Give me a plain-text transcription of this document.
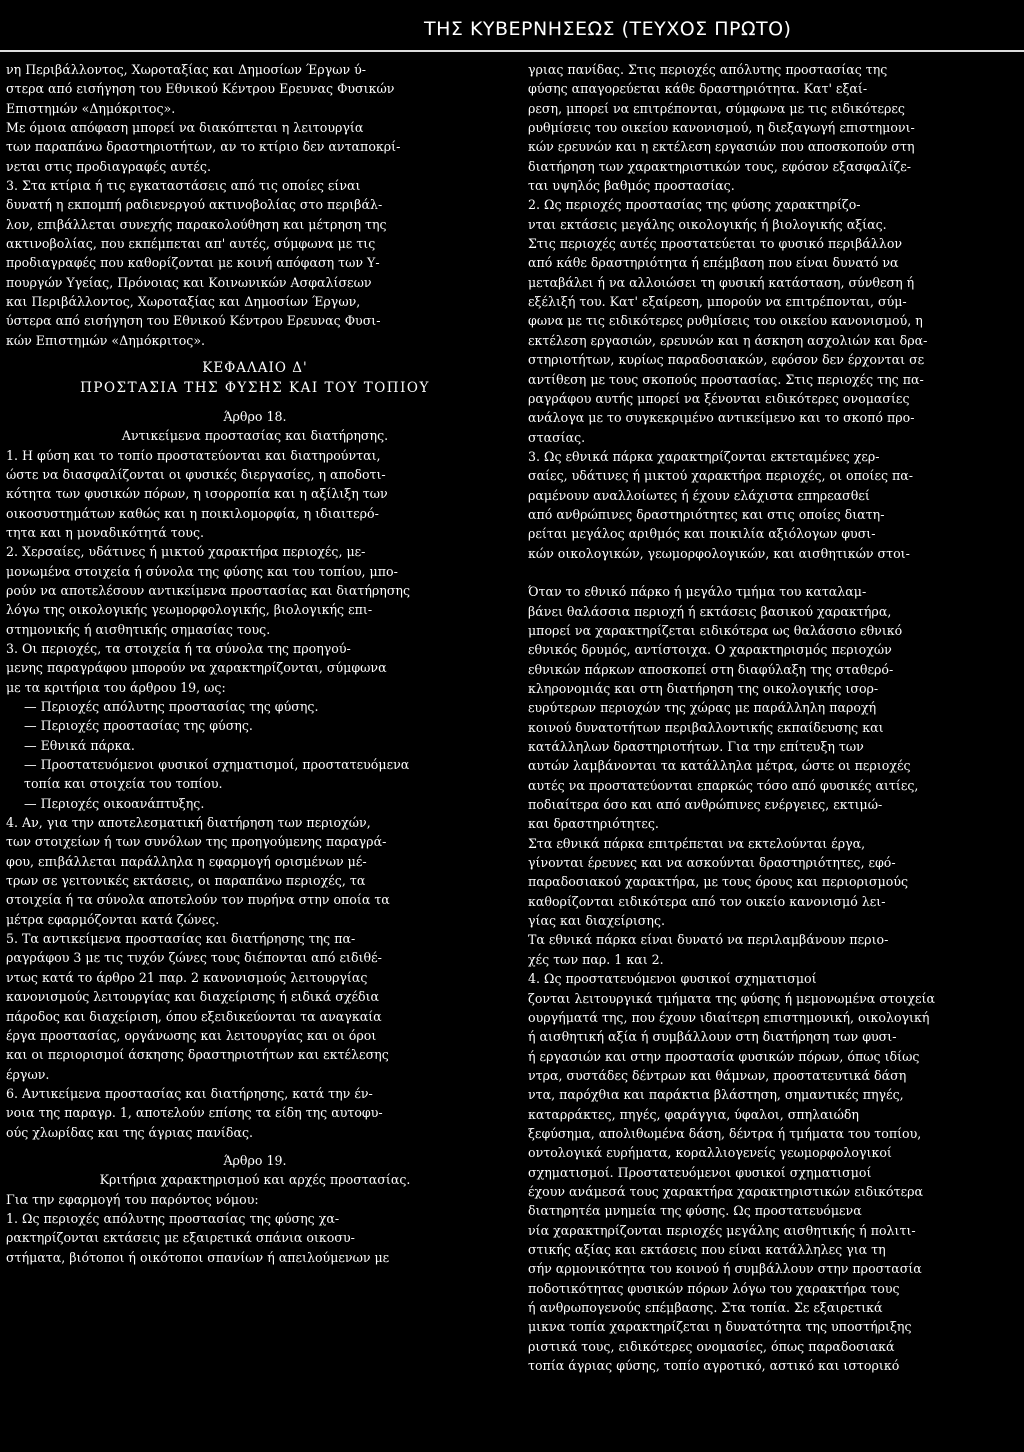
ΤΗΣ ΚΥΒΕΡΝΗΣΕΩΣ (ΤΕΥΧΟΣ ΠΡΩΤΟ)

νη Περιβάλλοντος, Χωροταξίας και Δημοσίων Έργων ύ-

στερα από εισήγηση του Εθνικού Κέντρου Ερευνας Φυσικών

Επιστημών «Δημόκριτος».

Με όμοια απόφαση μπορεί να διακόπτεται η λειτουργία

των παραπάνω δραστηριοτήτων, αν το κτίριο δεν ανταποκρί-

νεται στις προδιαγραφές αυτές.

3. Στα κτίρια ή τις εγκαταστάσεις από τις οποίες είναι

δυνατή η εκπομπή ραδιενεργού ακτινοβολίας στο περιβάλ-

λον, επιβάλλεται συνεχής παρακολούθηση και μέτρηση της

ακτινοβολίας, που εκπέμπεται απ' αυτές, σύμφωνα με τις

προδιαγραφές που καθορίζονται με κοινή απόφαση των Υ-

πουργών Υγείας, Πρόνοιας και Κοινωνικών Ασφαλίσεων

και Περιβάλλοντος, Χωροταξίας και Δημοσίων Έργων,

ύστερα από εισήγηση του Εθνικού Κέντρου Ερευνας Φυσι-

κών Επιστημών «Δημόκριτος».

ΚΕΦΑΛΑΙΟ Δ'

ΠΡΟΣΤΑΣΙΑ ΤΗΣ ΦΥΣΗΣ ΚΑΙ ΤΟΥ ΤΟΠΙΟΥ

Άρθρο 18.

Αντικείμενα προστασίας και διατήρησης.

1. Η φύση και το τοπίο προστατεύονται και διατηρούνται,

ώστε να διασφαλίζονται οι φυσικές διεργασίες, η αποδοτι-

κότητα των φυσικών πόρων, η ισορροπία και η αξίλιξη των

οικοσυστημάτων καθώς και η ποικιλομορφία, η ιδιαιτερό-

τητα και η μοναδικότητά τους.

2. Χερσαίες, υδάτινες ή μικτού χαρακτήρα περιοχές, με-

μονωμένα στοιχεία ή σύνολα της φύσης και του τοπίου, μπο-

ρούν να αποτελέσουν αντικείμενα προστασίας και διατήρησης

λόγω της οικολογικής γεωμορφολογικής, βιολογικής επι-

στημονικής ή αισθητικής σημασίας τους.

3. Οι περιοχές, τα στοιχεία ή τα σύνολα της προηγού-

μενης παραγράφου μπορούν να χαρακτηρίζονται, σύμφωνα

με τα κριτήρια του άρθρου 19, ως:

— Περιοχές απόλυτης προστασίας της φύσης.

— Περιοχές προστασίας της φύσης.

— Εθνικά πάρκα.

— Προστατευόμενοι φυσικοί σχηματισμοί, προστατευόμενα

τοπία και στοιχεία του τοπίου.

— Περιοχές οικοανάπτυξης.

4. Αν, για την αποτελεσματική διατήρηση των περιοχών,

των στοιχείων ή των συνόλων της προηγούμενης παραγρά-

φου, επιβάλλεται παράλληλα η εφαρμογή ορισμένων μέ-

τρων σε γειτονικές εκτάσεις, οι παραπάνω περιοχές, τα

στοιχεία ή τα σύνολα αποτελούν τον πυρήνα στην οποία τα

μέτρα εφαρμόζονται κατά ζώνες.

5. Τα αντικείμενα προστασίας και διατήρησης της πα-

ραγράφου 3 με τις τυχόν ζώνες τους διέπονται από ειδιθέ-

ντως κατά το άρθρο 21 παρ. 2 κανονισμούς λειτουργίας

κανονισμούς λειτουργίας και διαχείρισης ή ειδικά σχέδια

πάροδος και διαχείριση, όπου εξειδικεύονται τα αναγκαία

έργα προστασίας, οργάνωσης και λειτουργίας και οι όροι

και οι περιορισμοί άσκησης δραστηριοτήτων και εκτέλεσης

έργων.

6. Αντικείμενα προστασίας και διατήρησης, κατά την έν-

νοια της παραγρ. 1, αποτελούν επίσης τα είδη της αυτοφυ-

ούς χλωρίδας και της άγριας πανίδας.

Άρθρο 19.

Κριτήρια χαρακτηρισμού και αρχές προστασίας.

Για την εφαρμογή του παρόντος νόμου:

1. Ως περιοχές απόλυτης προστασίας της φύσης χα-

ρακτηρίζονται εκτάσεις με εξαιρετικά σπάνια οικοσυ-

στήματα, βιότοποι ή οικότοποι σπανίων ή απειλούμενων με

γριας πανίδας. Στις περιοχές απόλυτης προστασίας της

φύσης απαγορεύεται κάθε δραστηριότητα. Κατ' εξαί-

ρεση, μπορεί να επιτρέπονται, σύμφωνα με τις ειδικότερες

ρυθμίσεις του οικείου κανονισμού, η διεξαγωγή επιστημονι-

κών ερευνών και η εκτέλεση εργασιών που αποσκοπούν στη

διατήρηση των χαρακτηριστικών τους, εφόσον εξασφαλίζε-

ται υψηλός βαθμός προστασίας.

2. Ως περιοχές προστασίας της φύσης χαρακτηρίζο-

νται εκτάσεις μεγάλης οικολογικής ή βιολογικής αξίας.

Στις περιοχές αυτές προστατεύεται το φυσικό περιβάλλον

από κάθε δραστηριότητα ή επέμβαση που είναι δυνατό να

μεταβάλει ή να αλλοιώσει τη φυσική κατάσταση, σύνθεση ή

εξέλιξή του. Κατ' εξαίρεση, μπορούν να επιτρέπονται, σύμ-

φωνα με τις ειδικότερες ρυθμίσεις του οικείου κανονισμού, η

εκτέλεση εργασιών, ερευνών και η άσκηση ασχολιών και δρα-

στηριοτήτων, κυρίως παραδοσιακών, εφόσον δεν έρχονται σε

αντίθεση με τους σκοπούς προστασίας. Στις περιοχές της πα-

ραγράφου αυτής μπορεί να ξένονται ειδικότερες ονομασίες

ανάλογα με το συγκεκριμένο αντικείμενο και το σκοπό προ-

στασίας.

3. Ως εθνικά πάρκα χαρακτηρίζονται εκτεταμένες χερ-

σαίες, υδάτινες ή μικτού χαρακτήρα περιοχές, οι οποίες πα-

ραμένουν αναλλοίωτες ή έχουν ελάχιστα επηρεασθεί

από ανθρώπινες δραστηριότητες και στις οποίες διατη-

ρείται μεγάλος αριθμός και ποικιλία αξιόλογων φυσι-

κών οικολογικών, γεωμορφολογικών, και αισθητικών στοι-

Όταν το εθνικό πάρκο ή μεγάλο τμήμα του καταλαμ-

βάνει θαλάσσια περιοχή ή εκτάσεις βασικού χαρακτήρα,

μπορεί να χαρακτηρίζεται ειδικότερα ως θαλάσσιο εθνικό

εθνικός δρυμός, αντίστοιχα. Ο χαρακτηρισμός περιοχών

εθνικών πάρκων αποσκοπεί στη διαφύλαξη της σταθερό-

κληρονομιάς και στη διατήρηση της οικολογικής ισορ-

ευρύτερων περιοχών της χώρας με παράλληλη παροχή

κοινού δυνατοτήτων περιβαλλοντικής εκπαίδευσης και

κατάλληλων δραστηριοτήτων. Για την επίτευξη των

αυτών λαμβάνονται τα κατάλληλα μέτρα, ώστε οι περιοχές

αυτές να προστατεύονται επαρκώς τόσο από φυσικές αιτίες,

ποδιαίτερα όσο και από ανθρώπινες ενέργειες, εκτιμώ-

και δραστηριότητες.

Στα εθνικά πάρκα επιτρέπεται να εκτελούνται έργα,

γίνονται έρευνες και να ασκούνται δραστηριότητες, εφό-

παραδοσιακού χαρακτήρα, με τους όρους και περιορισμούς

καθορίζονται ειδικότερα από τον οικείο κανονισμό λει-

γίας και διαχείρισης.

Τα εθνικά πάρκα είναι δυνατό να περιλαμβάνουν περιο-

χές των παρ. 1 και 2.

4. Ως προστατευόμενοι φυσικοί σχηματισμοί

ζονται λειτουργικά τμήματα της φύσης ή μεμονωμένα στοιχεία

ουργήματά της, που έχουν ιδιαίτερη επιστημονική, οικολογική

ή αισθητική αξία ή συμβάλλουν στη διατήρηση των φυσι-

ή εργασιών και στην προστασία φυσικών πόρων, όπως ιδίως

ντρα, συστάδες δέντρων και θάμνων, προστατευτικά δάση

ντα, παρόχθια και παράκτια βλάστηση, σημαντικές πηγές,

καταρράκτες, πηγές, φαράγγια, ύφαλοι, σπηλαιώδη

ξεφύσημα, απολιθωμένα δάση, δέντρα ή τμήματα του τοπίου,

οντολογικά ευρήματα, κοραλλιογενείς γεωμορφολογικοί

σχηματισμοί. Προστατευόμενοι φυσικοί σχηματισμοί

έχουν ανάμεσά τους χαρακτήρα χαρακτηριστικών ειδικότερα

διατηρητέα μνημεία της φύσης. Ως προστατευόμενα

νία χαρακτηρίζονται περιοχές μεγάλης αισθητικής ή πολιτι-

στικής αξίας και εκτάσεις που είναι κατάλληλες για τη

σήν αρμονικότητα του κοινού ή συμβάλλουν στην προστασία

ποδοτικότητας φυσικών πόρων λόγω του χαρακτήρα τους

ή ανθρωπογενούς επέμβασης. Στα τοπία. Σε εξαιρετικά

μικνα τοπία χαρακτηρίζεται η δυνατότητα της υποστήριξης

ριστικά τους, ειδικότερες ονομασίες, όπως παραδοσιακά

τοπία άγριας φύσης, τοπίο αγροτικό, αστικό και ιστορικό
